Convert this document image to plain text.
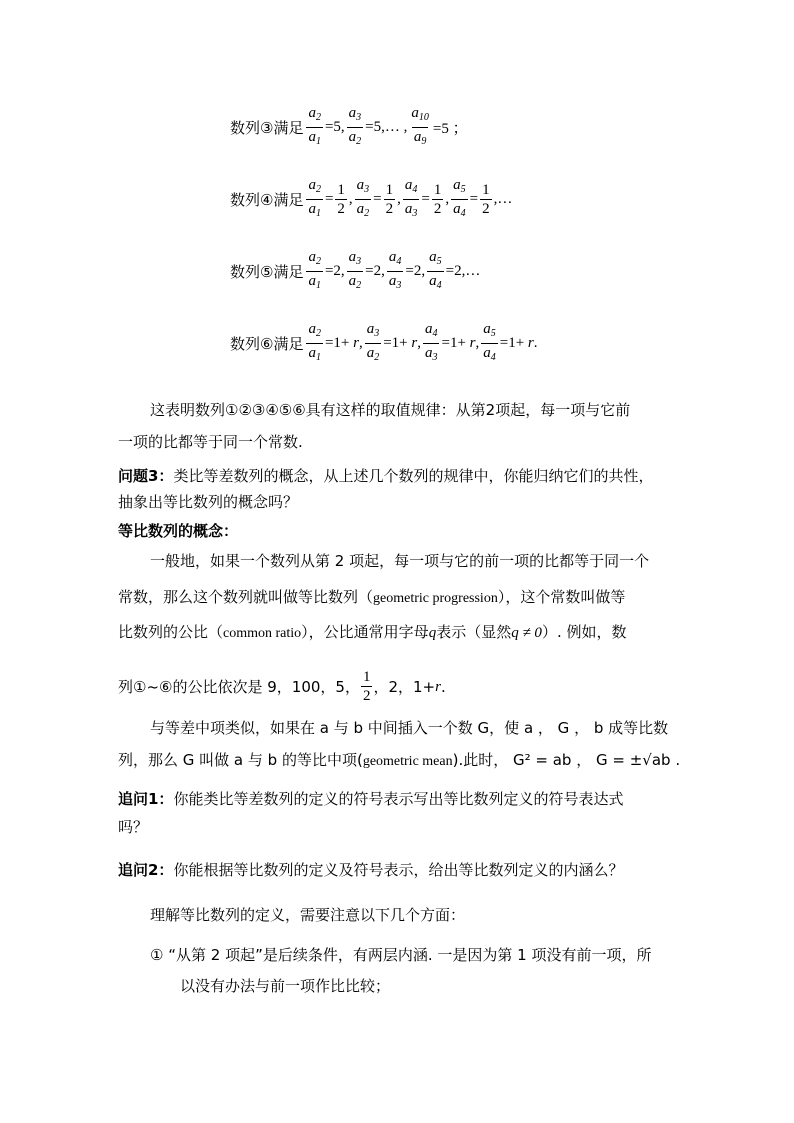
数列③满足 $\frac{a_2}{a_1} =5$, $\frac{a_3}{a_2}$ =5,… , $\frac{a_{10}}{a_9} =5$ ；
数列④满足 $\frac{a_2}{a_1} = \frac{1}{2}$ , $\frac{a_3}{a_2} = \frac{1}{2}$ , $\frac{a_4}{a_3} = \frac{1}{2}$ , $\frac{a_5}{a_4} = \frac{1}{2}$ ,…
数列⑤满足 $\frac{a_2}{a_1} =2$, $\frac{a_3}{a_2} =2$, $\frac{a_4}{a_3} =2$, $\frac{a_5}{a_4}$ =2,…
数列⑥满足 $\frac{a_2}{a_1} =1+ r$, $\frac{a_3}{a_2} =1+ r$, $\frac{a_4}{a_3} =1+ r$, $\frac{a_5}{a_4} =1+ r$.
这表明数列①②③④⑤⑥具有这样的取值规律：从第2项起，每一项与它前
一项的比都等于同一个常数.
问题3：类比等差数列的概念，从上述几个数列的规律中，你能归纳它们的共性，
抽象出等比数列的概念吗？
等比数列的概念：
一般地，如果一个数列从第 2 项起，每一项与它的前一项的比都等于同一个
常数，那么这个数列就叫做等比数列（geometric progression），这个常数叫做等
比数列的公比（common ratio），公比通常用字母q表示（显然q ≠ 0）. 例如，数
列①~⑥的公比依次是 9，100，5， $\frac{1}{2}$ ，2，1+ r .
与等差中项类似，如果在 a 与 b 中间插入一个数 G，使 a ， G ， b 成等比数
列，那么 G 叫做 a 与 b 的等比中项(geometric mean).此时， G² = ab ， G = ±√ab .
追问1：你能类比等差数列的定义的符号表示写出等比数列定义的符号表达式
吗？
追问2：你能根据等比数列的定义及符号表示，给出等比数列定义的内涵么？
理解等比数列的定义，需要注意以下几个方面：
① “从第 2 项起”是后续条件，有两层内涵. 一是因为第 1 项没有前一项，所
以没有办法与前一项作比比较；
